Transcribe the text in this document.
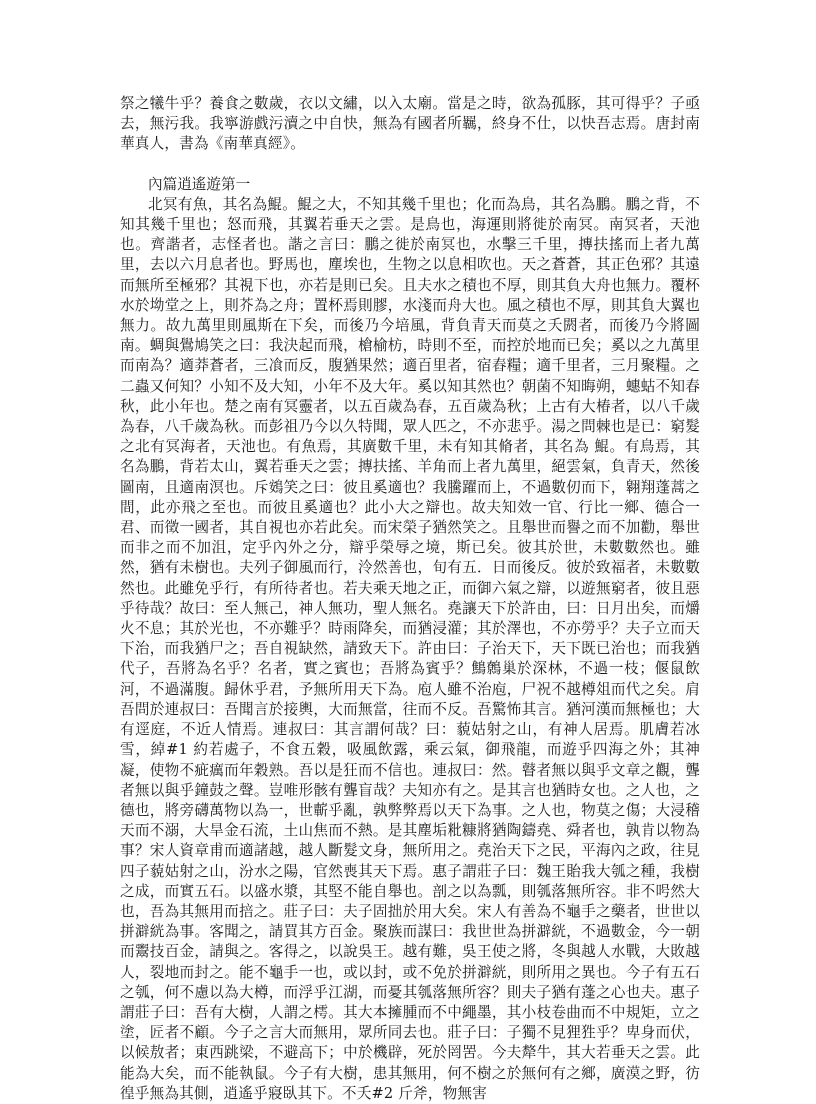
祭之犧牛乎？養食之數歲，衣以文繡，以入太廟。當是之時，欲為孤豚，其可得乎？子亟去，無污我。我寧游戲污瀆之中自快，無為有國者所羈，終身不仕，以快吾志焉。唐封南華真人，書為《南華真經》。

內篇逍遙遊第一

北冥有魚，其名為鯤。鯤之大，不知其幾千里也；化而為鳥，其名為鵬。鵬之背，不知其幾千里也；怒而飛，其翼若垂天之雲。是鳥也，海運則將徙於南冥。南冥者，天池也。齊諧者，志怪者也。諧之言曰：鵬之徙於南冥也，水擊三千里，摶扶搖而上者九萬里，去以六月息者也。野馬也，塵埃也，生物之以息相吹也。天之蒼蒼，其正色邪？其遠而無所至極邪？其視下也，亦若是則已矣。且夫水之積也不厚，則其負大舟也無力。覆杯水於坳堂之上，則芥為之舟；置杯焉則膠，水淺而舟大也。風之積也不厚，則其負大翼也無力。故九萬里則風斯在下矣，而後乃今培風，背負青天而莫之夭閼者，而後乃今將圖南。蜩與鷽鳩笑之曰：我決起而飛，槍榆枋，時則不至，而控於地而已矣；奚以之九萬里而南為？適莽蒼者，三飡而反，腹猶果然；適百里者，宿舂糧；適千里者，三月聚糧。之二蟲又何知？小知不及大知，小年不及大年。奚以知其然也？朝菌不知晦朔，蟪蛄不知春秋，此小年也。楚之南有冥靈者，以五百歲為春，五百歲為秋；上古有大椿者，以八千歲為春，八千歲為秋。而彭祖乃今以久特聞，眾人匹之，不亦悲乎。湯之問棘也是已：窮髮之北有冥海者，天池也。有魚焉，其廣數千里，未有知其脩者，其名為 鯤。有鳥焉，其名為鵬，背若太山，翼若垂天之雲；摶扶搖、羊角而上者九萬里，絕雲氣，負青天，然後圖南，且適南溟也。斥鴳笑之曰：彼且奚適也？我騰躍而上，不過數仞而下，翱翔蓬蒿之間，此亦飛之至也。而彼且奚適也？此小大之辯也。故夫知效一官、行比一鄉、德合一君、而徵一國者，其自視也亦若此矣。而宋榮子猶然笑之。且舉世而譽之而不加勸，舉世而非之而不加沮，定乎內外之分，辯乎榮辱之境，斯已矣。彼其於世，未數數然也。雖然，猶有未樹也。夫列子御風而行，泠然善也，旬有五．日而後反。彼於致福者，未數數然也。此雖免乎行，有所待者也。若夫乘天地之正，而御六氣之辯，以遊無窮者，彼且惡乎待哉？故曰：至人無己，神人無功，聖人無名。堯讓天下於許由，曰：日月出矣，而爝火不息；其於光也，不亦難乎？時雨降矣，而猶浸灌；其於澤也，不亦勞乎？夫子立而天下治，而我猶尸之；吾自視缺然，請致天下。許由曰：子治天下，天下既已治也；而我猶代子，吾將為名乎？名者，實之賓也；吾將為賓乎？鷦鷯巢於深林，不過一枝；偃鼠飲河，不過滿腹。歸休乎君，予無所用天下為。庖人雖不治庖，尸祝不越樽俎而代之矣。肩吾問於連叔曰：吾聞言於接輿，大而無當，往而不反。吾驚怖其言。猶河漢而無極也；大有逕庭，不近人情焉。連叔曰：其言謂何哉？曰：藐姑射之山，有神人居焉。肌膚若冰雪，綽#1 約若處子，不食五穀，吸風飲露，乘云氣，御飛龍，而遊乎四海之外；其神凝，使物不疵癘而年穀熟。吾以是狂而不信也。連叔曰：然。瞽者無以與乎文章之觀，聾者無以與乎鐘鼓之聲。豈唯形骸有聾盲哉？夫知亦有之。是其言也猶時女也。之人也，之德也，將旁礴萬物以為一，世蘄乎亂，孰弊弊焉以天下為事。之人也，物莫之傷；大浸稽天而不溺，大旱金石流，土山焦而不熱。是其塵垢粃糠將猶陶鑄堯、舜者也，孰肯以物為事？宋人資章甫而適諸越，越人斷髮文身，無所用之。堯治天下之民，平海內之政，往見四子藐姑射之山，汾水之陽，官然喪其天下焉。惠子謂莊子曰：魏王貽我大瓠之種，我樹之成，而實五石。以盛水漿，其堅不能自舉也。剖之以為瓢，則瓠落無所容。非不呺然大也，吾為其無用而掊之。莊子曰：夫子固拙於用大矣。宋人有善為不龜手之藥者，世世以拼澼絖為事。客聞之，請買其方百金。聚族而謀曰：我世世為拼澼絖，不過數金，今一朝而鬻技百金，請與之。客得之，以說吳王。越有難，吳王使之將，冬與越人水戰，大敗越人，裂地而封之。能不龜手一也，或以封，或不免於拼澼絖，則所用之異也。今子有五石之瓠，何不慮以為大樽，而浮乎江湖，而憂其瓠落無所容？則夫子猶有蓬之心也夫。惠子謂莊子曰：吾有大樹，人謂之樗。其大本擁腫而不中繩墨，其小枝卷曲而不中規矩，立之塗，匠者不顧。今子之言大而無用，眾所同去也。莊子曰：子獨不見狸狌乎？卑身而伏，以候敖者；東西跳梁，不避高下；中於機辟，死於罔罟。今夫犛牛，其大若垂天之雲。此能為大矣，而不能執鼠。今子有大樹，患其無用，何不樹之於無何有之鄉，廣漠之野，彷徨乎無為其側，逍遙乎寢臥其下。不夭#2 斤斧，物無害
